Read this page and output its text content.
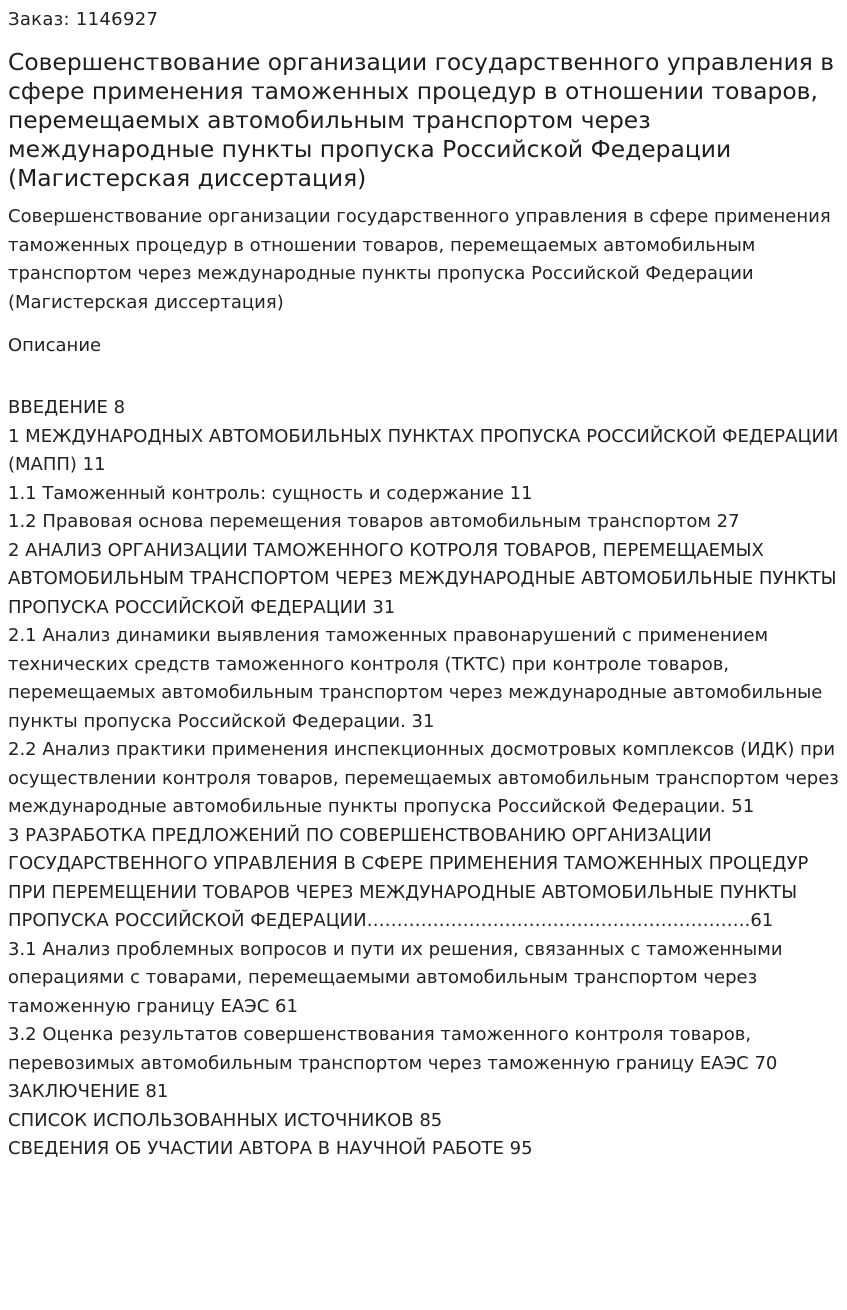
Заказ: 1146927
Совершенствование организации государственного управления в сфере применения таможенных процедур в отношении товаров, перемещаемых автомобильным транспортом через международные пункты пропуска Российской Федерации (Магистерская диссертация)
Совершенствование организации государственного управления в сфере применения таможенных процедур в отношении товаров, перемещаемых автомобильным транспортом через международные пункты пропуска Российской Федерации (Магистерская диссертация)
Описание
ВВЕДЕНИЕ 8
1 МЕЖДУНАРОДНЫХ АВТОМОБИЛЬНЫХ ПУНКТАХ ПРОПУСКА РОССИЙСКОЙ ФЕДЕРАЦИИ (МАПП) 11
1.1 Таможенный контроль: сущность и содержание 11
1.2 Правовая основа перемещения товаров автомобильным транспортом 27
2 АНАЛИЗ ОРГАНИЗАЦИИ ТАМОЖЕННОГО КОТРОЛЯ ТОВАРОВ, ПЕРЕМЕЩАЕМЫХ АВТОМОБИЛЬНЫМ ТРАНСПОРТОМ ЧЕРЕЗ МЕЖДУНАРОДНЫЕ АВТОМОБИЛЬНЫЕ ПУНКТЫ ПРОПУСКА РОССИЙСКОЙ ФЕДЕРАЦИИ 31
2.1 Анализ динамики выявления таможенных правонарушений с применением технических средств таможенного контроля (ТКТС) при контроле товаров, перемещаемых автомобильным транспортом через международные автомобильные пункты пропуска Российской Федерации. 31
2.2 Анализ практики применения инспекционных досмотровых комплексов (ИДК) при осуществлении контроля товаров, перемещаемых автомобильным транспортом через международные автомобильные пункты пропуска Российской Федерации. 51
3 РАЗРАБОТКА ПРЕДЛОЖЕНИЙ ПО СОВЕРШЕНСТВОВАНИЮ ОРГАНИЗАЦИИ ГОСУДАРСТВЕННОГО УПРАВЛЕНИЯ В СФЕРЕ ПРИМЕНЕНИЯ ТАМОЖЕННЫХ ПРОЦЕДУР ПРИ ПЕРЕМЕЩЕНИИ ТОВАРОВ ЧЕРЕЗ МЕЖДУНАРОДНЫЕ АВТОМОБИЛЬНЫЕ ПУНКТЫ ПРОПУСКА РОССИЙСКОЙ ФЕДЕРАЦИИ……………………………………………………….61
3.1 Анализ проблемных вопросов и пути их решения, связанных с таможенными операциями с товарами, перемещаемыми автомобильным транспортом через таможенную границу ЕАЭС 61
3.2 Оценка результатов совершенствования таможенного контроля товаров, перевозимых автомобильным транспортом через таможенную границу ЕАЭС 70
ЗАКЛЮЧЕНИЕ 81
СПИСОК ИСПОЛЬЗОВАННЫХ ИСТОЧНИКОВ 85
СВЕДЕНИЯ ОБ УЧАСТИИ АВТОРА В НАУЧНОЙ РАБОТЕ 95
